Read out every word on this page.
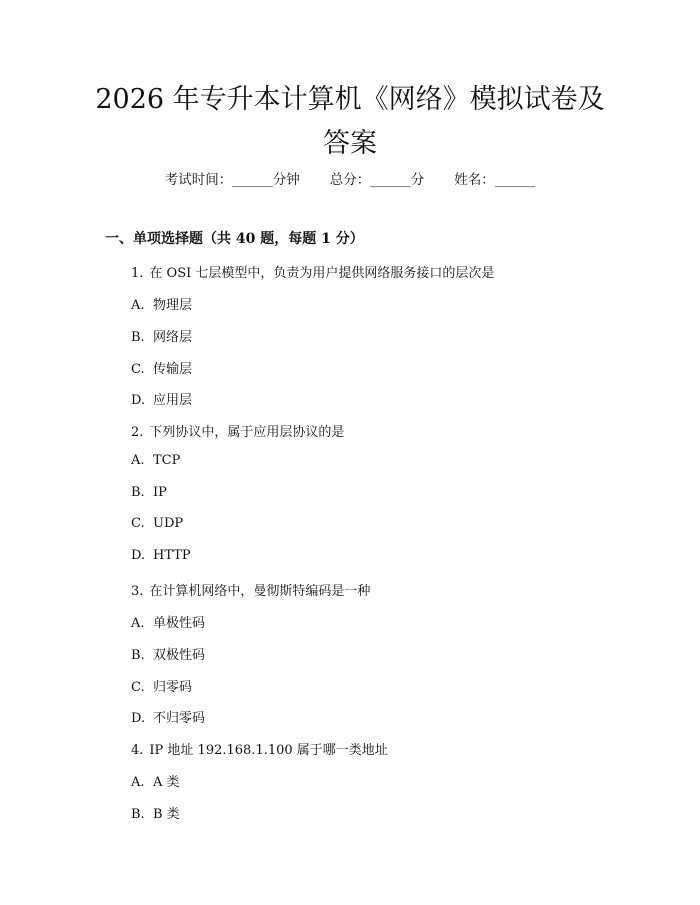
2026 年专升本计算机《网络》模拟试卷及答案
考试时间：______分钟 总分：______分 姓名：______
一、单项选择题（共 40 题，每题 1 分）
1. 在 OSI 七层模型中，负责为用户提供网络服务接口的层次是
A. 物理层
B. 网络层
C. 传输层
D. 应用层
2. 下列协议中，属于应用层协议的是
A. TCP
B. IP
C. UDP
D. HTTP
3. 在计算机网络中，曼彻斯特编码是一种
A. 单极性码
B. 双极性码
C. 归零码
D. 不归零码
4. IP 地址 192.168.1.100 属于哪一类地址
A. A 类
B. B 类
